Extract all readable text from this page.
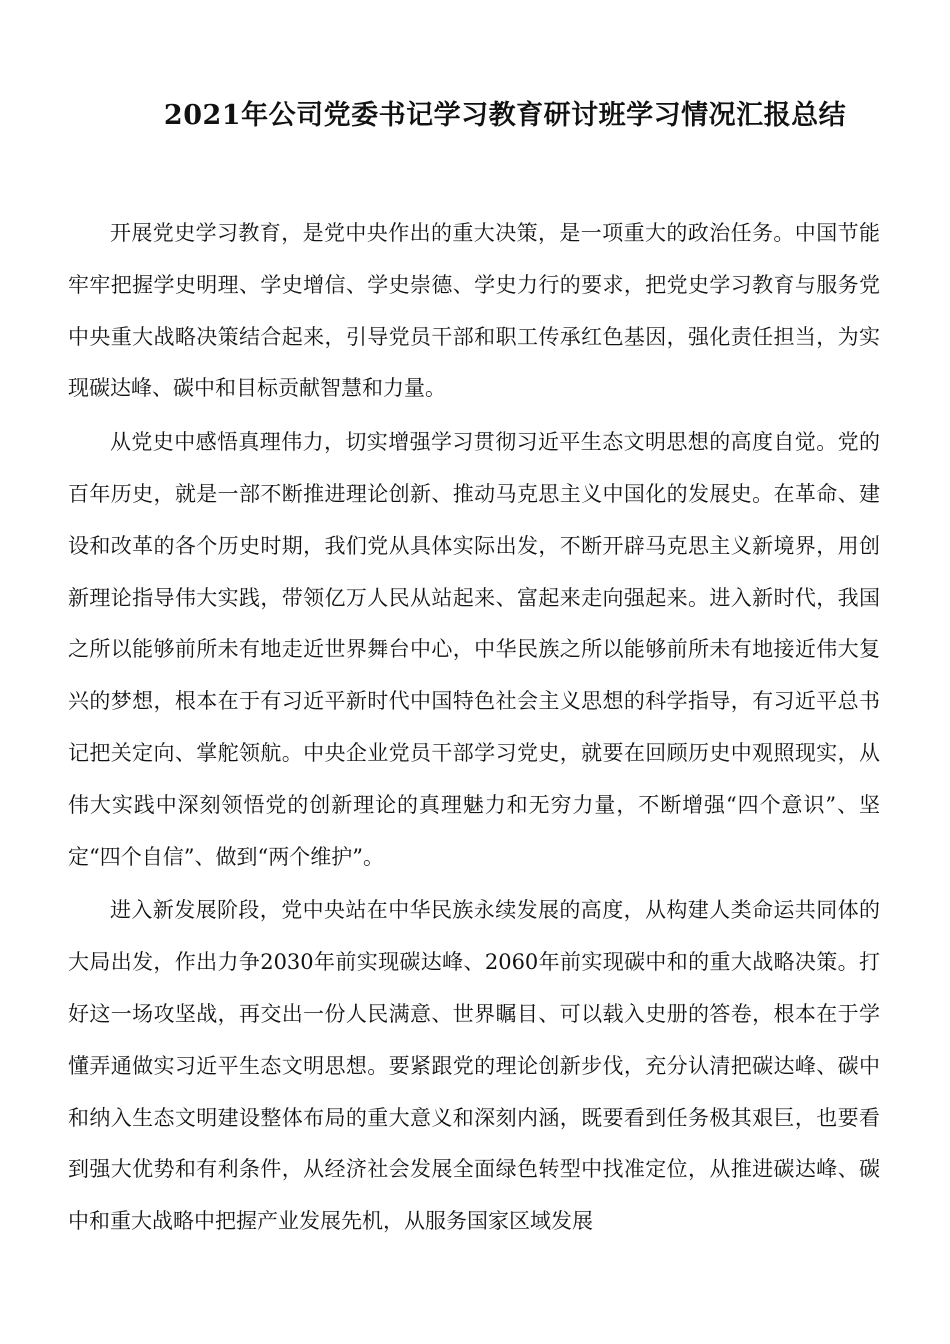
2021年公司党委书记学习教育研讨班学习情况汇报总结

开展党史学习教育，是党中央作出的重大决策，是一项重大的政治任务。中国节能牢牢把握学史明理、学史增信、学史崇德、学史力行的要求，把党史学习教育与服务党中央重大战略决策结合起来，引导党员干部和职工传承红色基因，强化责任担当，为实现碳达峰、碳中和目标贡献智慧和力量。

从党史中感悟真理伟力，切实增强学习贯彻习近平生态文明思想的高度自觉。党的百年历史，就是一部不断推进理论创新、推动马克思主义中国化的发展史。在革命、建设和改革的各个历史时期，我们党从具体实际出发，不断开辟马克思主义新境界，用创新理论指导伟大实践，带领亿万人民从站起来、富起来走向强起来。进入新时代，我国之所以能够前所未有地走近世界舞台中心，中华民族之所以能够前所未有地接近伟大复兴的梦想，根本在于有习近平新时代中国特色社会主义思想的科学指导，有习近平总书记把关定向、掌舵领航。中央企业党员干部学习党史，就要在回顾历史中观照现实，从伟大实践中深刻领悟党的创新理论的真理魅力和无穷力量，不断增强“四个意识”、坚定“四个自信”、做到“两个维护”。

进入新发展阶段，党中央站在中华民族永续发展的高度，从构建人类命运共同体的大局出发，作出力争2030年前实现碳达峰、2060年前实现碳中和的重大战略决策。打好这一场攻坚战，再交出一份人民满意、世界瞩目、可以载入史册的答卷，根本在于学懂弄通做实习近平生态文明思想。要紧跟党的理论创新步伐，充分认清把碳达峰、碳中和纳入生态文明建设整体布局的重大意义和深刻内涵，既要看到任务极其艰巨，也要看到强大优势和有利条件，从经济社会发展全面绿色转型中找准定位，从推进碳达峰、碳中和重大战略中把握产业发展先机，从服务国家区域发展
